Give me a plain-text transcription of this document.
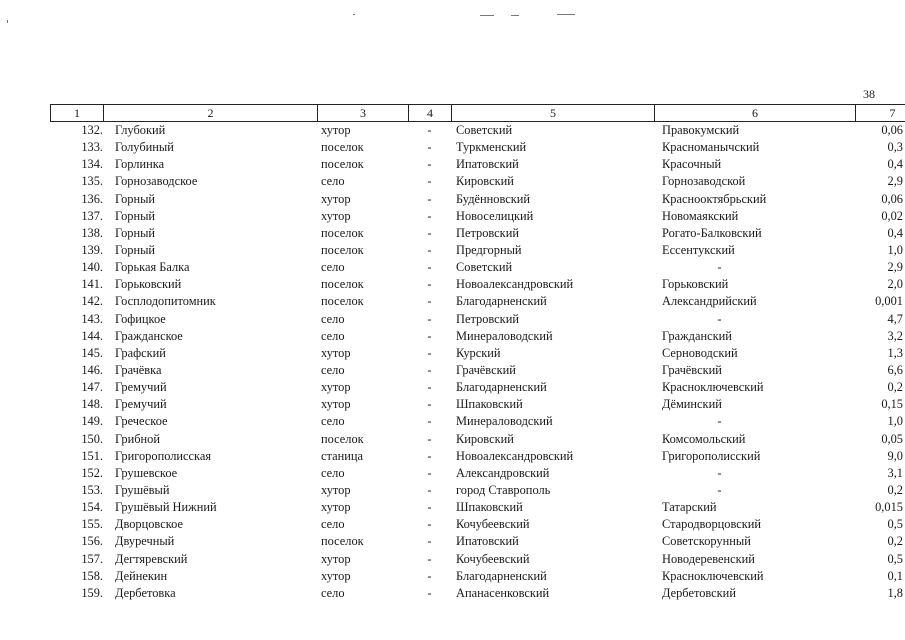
38
1	2	3	4	5	6	7
132.	Глубокий	хутор	-	Советский	Правокумский	0,06
133.	Голубиный	поселок	-	Туркменский	Красноманычский	0,3
134.	Горлинка	поселок	-	Ипатовский	Красочный	0,4
135.	Горнозаводское	село	-	Кировский	Горнозаводской	2,9
136.	Горный	хутор	-	Будённовский	Краснооктябрьский	0,06
137.	Горный	хутор	-	Новоселицкий	Новомаякский	0,02
138.	Горный	поселок	-	Петровский	Рогато-Балковский	0,4
139.	Горный	поселок	-	Предгорный	Ессентукский	1,0
140.	Горькая Балка	село	-	Советский	-	2,9
141.	Горьковский	поселок	-	Новоалександровский	Горьковский	2,0
142.	Госплодопитомник	поселок	-	Благодарненский	Александрийский	0,001
143.	Гофицкое	село	-	Петровский	-	4,7
144.	Гражданское	село	-	Минераловодский	Гражданский	3,2
145.	Графский	хутор	-	Курский	Серноводский	1,3
146.	Грачёвка	село	-	Грачёвский	Грачёвский	6,6
147.	Гремучий	хутор	-	Благодарненский	Красноключевский	0,2
148.	Гремучий	хутор	-	Шпаковский	Дёминский	0,15
149.	Греческое	село	-	Минераловодский	-	1,0
150.	Грибной	поселок	-	Кировский	Комсомольский	0,05
151.	Григорополисская	станица	-	Новоалександровский	Григорополисский	9,0
152.	Грушевское	село	-	Александровский	-	3,1
153.	Грушёвый	хутор	-	город Ставрополь	-	0,2
154.	Грушёвый Нижний	хутор	-	Шпаковский	Татарский	0,015
155.	Дворцовское	село	-	Кочубеевский	Стародворцовский	0,5
156.	Двуречный	поселок	-	Ипатовский	Советскорунный	0,2
157.	Дегтяревский	хутор	-	Кочубеевский	Новодеревенский	0,5
158.	Дейнекин	хутор	-	Благодарненский	Красноключевский	0,1
159.	Дербетовка	село	-	Апанасенковский	Дербетовский	1,8
